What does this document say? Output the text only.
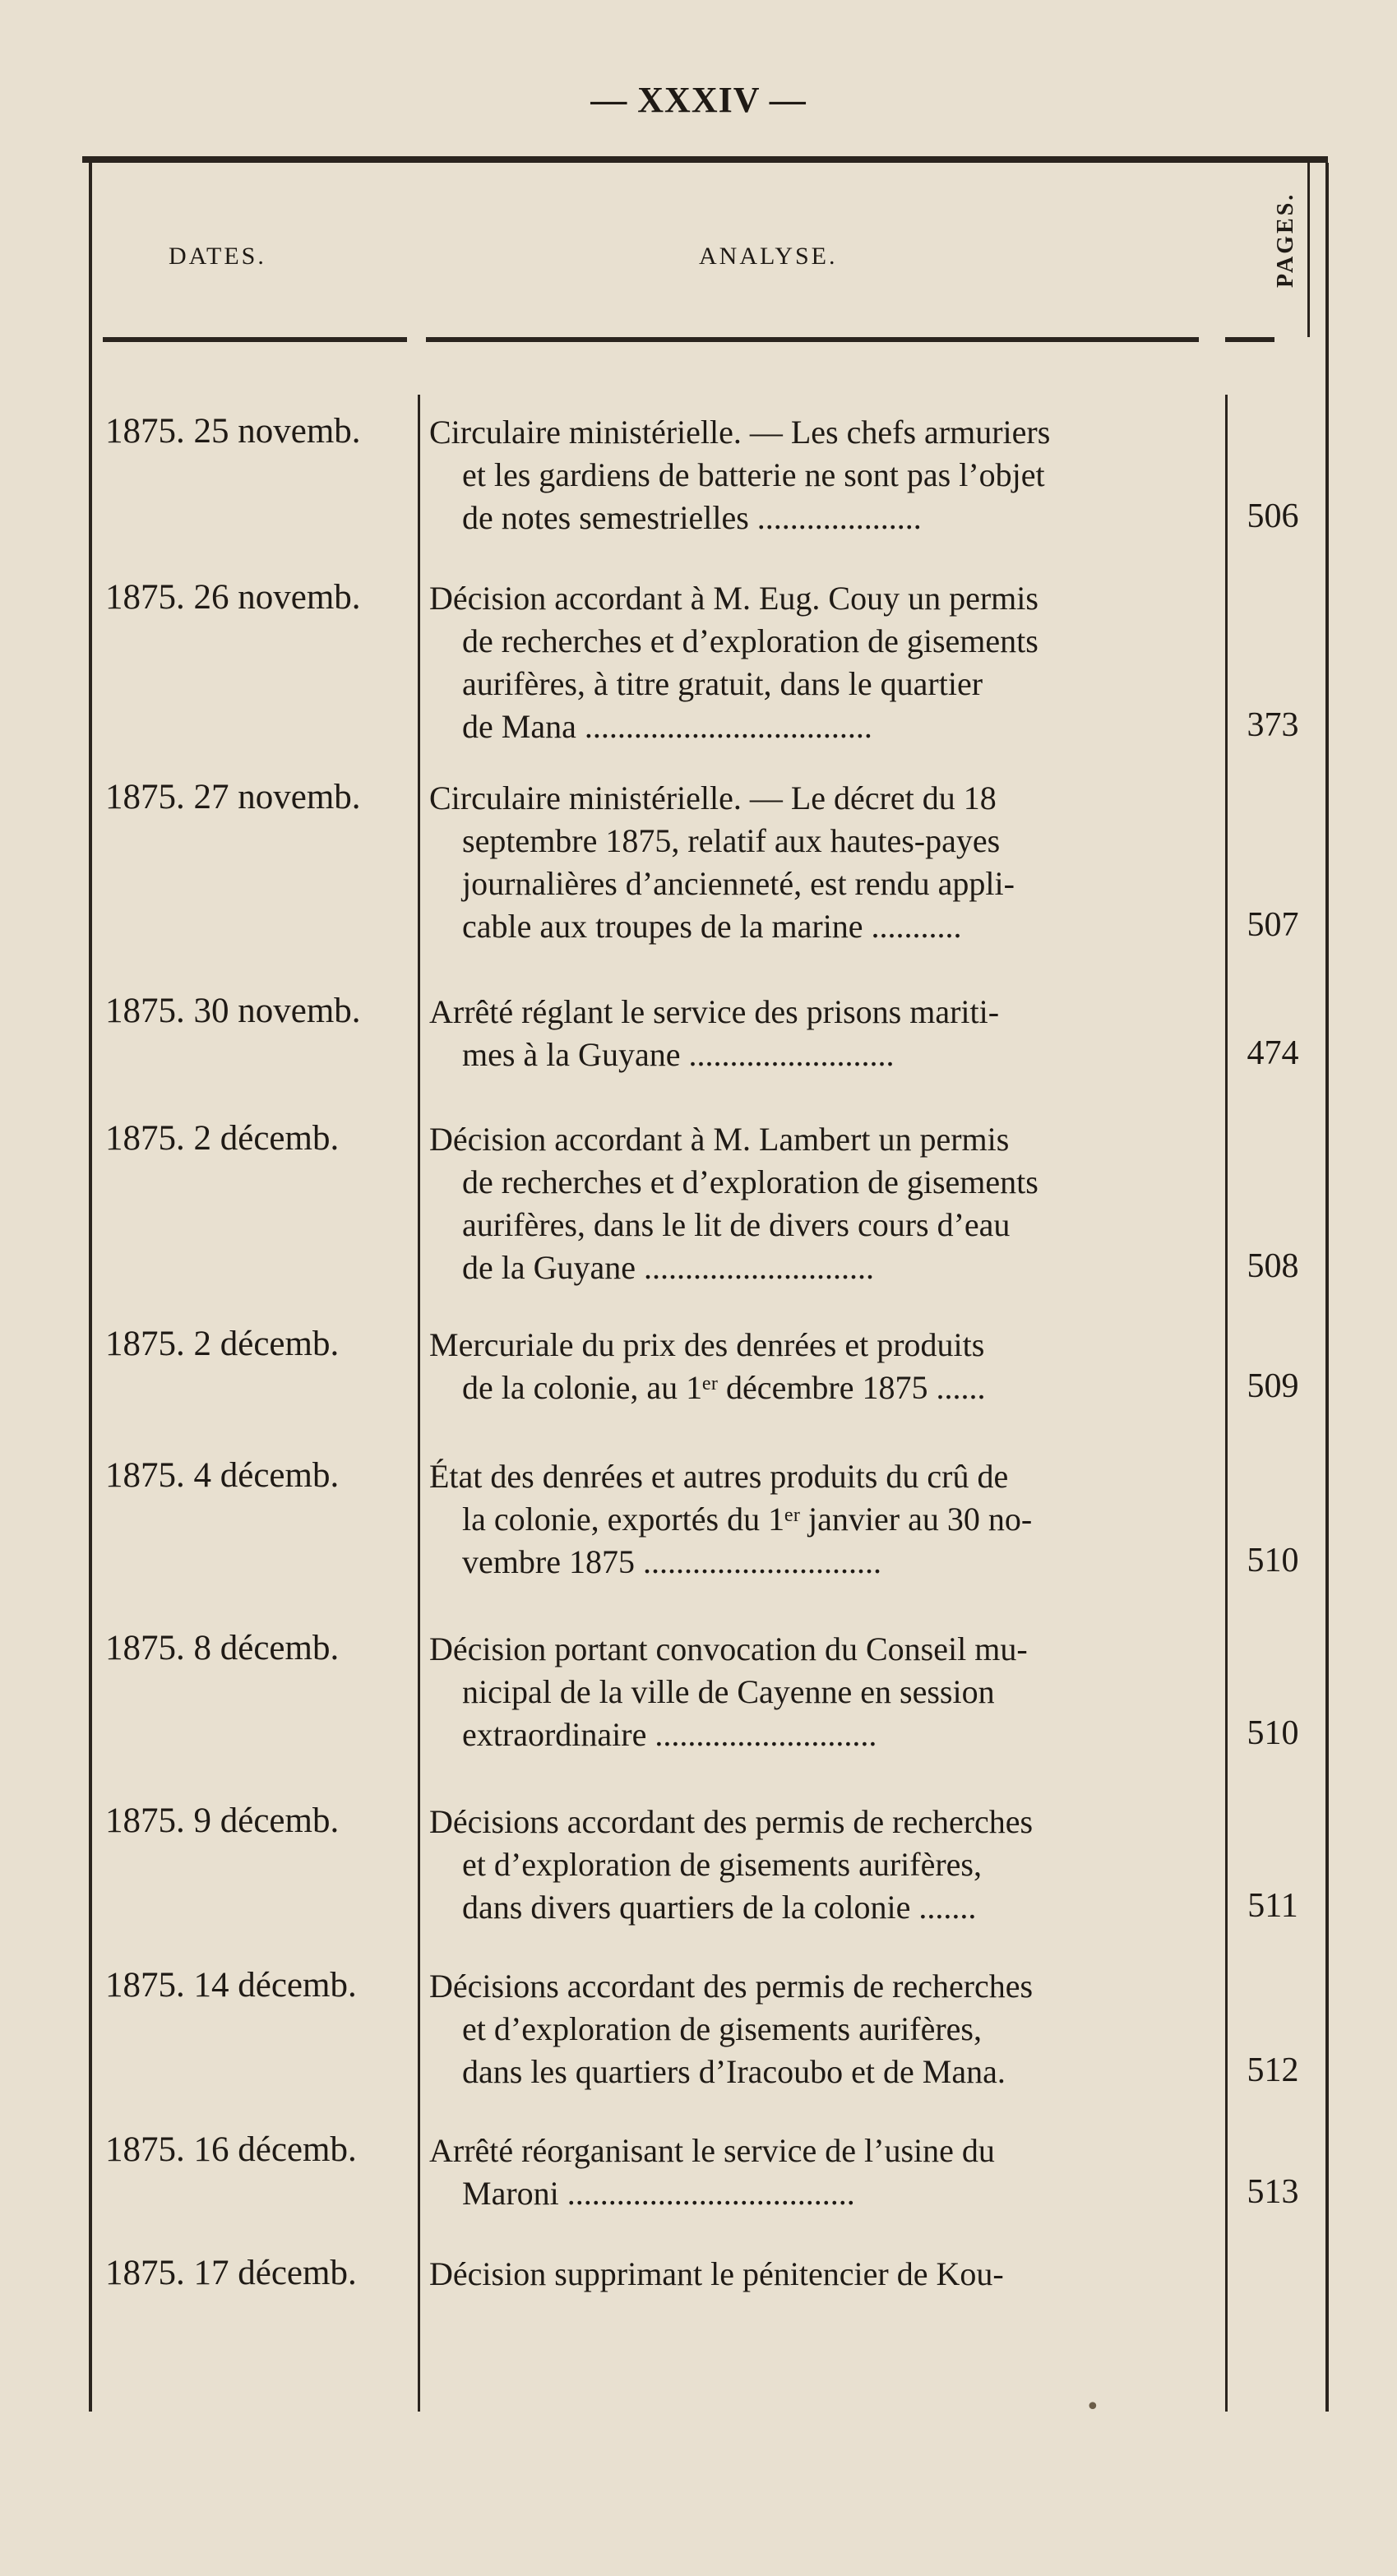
— XXXIV —
DATES.	ANALYSE.	PAGES.
1875. 25 novemb.	Circulaire ministérielle. — Les chefs armuriers
et les gardiens de batterie ne sont pas l’objet
de notes semestrielles ....................	506
1875. 26 novemb.	Décision accordant à M. Eug. Couy un permis
de recherches et d’exploration de gisements
aurifères, à titre gratuit, dans le quartier
de Mana ...................................	373
1875. 27 novemb.	Circulaire ministérielle. — Le décret du 18
septembre 1875, relatif aux hautes-payes
journalières d’ancienneté, est rendu appli-
cable aux troupes de la marine ...........	507
1875. 30 novemb.	Arrêté réglant le service des prisons mariti-
mes à la Guyane .........................	474
1875. 2 décemb.	Décision accordant à M. Lambert un permis
de recherches et d’exploration de gisements
aurifères, dans le lit de divers cours d’eau
de la Guyane ............................	508
1875. 2 décemb.	Mercuriale du prix des denrées et produits
de la colonie, au 1ᵉʳ décembre 1875 ......	509
1875. 4 décemb.	État des denrées et autres produits du crû de
la colonie, exportés du 1ᵉʳ janvier au 30 no-
vembre 1875 .............................	510
1875. 8 décemb.	Décision portant convocation du Conseil mu-
nicipal de la ville de Cayenne en session
extraordinaire ...........................	510
1875. 9 décemb.	Décisions accordant des permis de recherches
et d’exploration de gisements aurifères,
dans divers quartiers de la colonie .......	511
1875. 14 décemb.	Décisions accordant des permis de recherches
et d’exploration de gisements aurifères,
dans les quartiers d’Iracoubo et de Mana.	512
1875. 16 décemb.	Arrêté réorganisant le service de l’usine du
Maroni ...................................	513
1875. 17 décemb.	Décision supprimant le pénitencier de Kou-
•
